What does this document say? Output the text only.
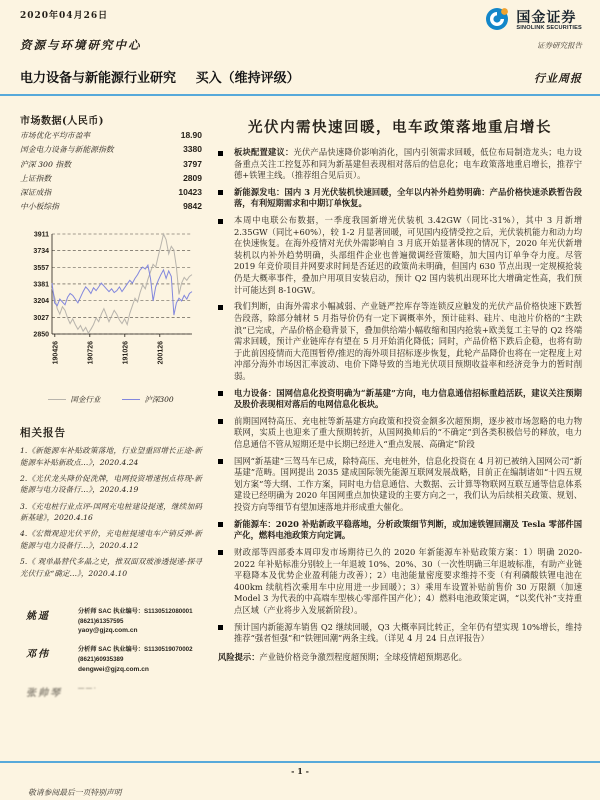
2020年04月26日
资源与环境研究中心
国金证券
SINOLINK SECURITIES
证券研究报告
电力设备与新能源行业研究 买入（维持评级）	行业周报
市场数据(人民币)
市场优化平均市盈率	18.90
国金电力设备与新能源指数	3380
沪深 300 指数	3797
上证指数	2809
深证成指	10423
中小板综指	9842
3911
3734
3557
3381
3204
3027
2850
190426	190726	191026	200126
国金行业	沪深300
相关报告
1.《新能源车补贴政策落地，行业望重回增长正途-新能源车补贴新政点…》，2020.4.24
2.《光伏龙头降价促洗牌，电网投资增速拐点将现-新能源与电力设备行…》，2020.4.19
3.《充电桩行业点评-国网充电桩建设提速，继续加码新基建》，2020.4.16
4.《宏微观迎光伏平价，充电桩提速电车产销反弹-新能源与电力设备行…》，2020.4.12
5.《 观单晶替代多晶之史，推双面双玻渗透提速-探寻光伏行业“确定…》，2020.4.10
姚遥	分析师 SAC 执业编号：S1130512080001
(8621)61357595
yaoy@gjzq.com.cn
邓伟	分析师 SAC 执业编号：S1130519070002
(8621)60935389
dengwei@gjzq.com.cn
张帅琴	— — ·
光伏内需快速回暖，电车政策落地重启增长

板块配置建议：光伏产品快速降价影响消化，国内引领需求回暖，低位布局制造龙头；电力设备重点关注工控复苏和同为新基建但表现相对落后的信息化；电车政策落地重启增长，推荐宁德+铁锂主线。（推荐组合见后页）。

新能源发电：国内 3 月光伏装机快速回暖，全年以内补外趋势明确：产品价格快速杀跌暂告段落，有利短期需求和中期订单恢复。

本周中电联公布数据，一季度我国新增光伏装机 3.42GW（同比-31%），其中 3 月新增 2.35GW（同比+60%），较 1-2 月显著回暖，可见国内疫情受控之后，光伏装机能力和动力均在快速恢复。在海外疫情对光伏外需影响自 3 月底开始显著体现的情况下，2020 年光伏新增装机以内补外趋势明确，头部组件企业也普遍微调经营策略，加大国内订单争夺力度。尽管 2019 年竞价项目并网要求时间是否延迟的政策尚未明确，但国内 630 节点出现一定规模抢装仍是大概率事件，叠加户用项目安装启动，预计 Q2 国内装机出现环比大增确定性高，我们预计可能达到 8-10GW。

我们判断，由海外需求小幅减弱、产业链严控库存等连锁反应触发的光伏产品价格快速下跌暂告段落，除部分辅材 5 月指导价仍有一定下调概率外，预计硅料、硅片、电池片价格的“主跌浪”已完成，产品价格企稳背景下，叠加供给端小幅收缩和国内抢装+欧美复工主导的 Q2 终端需求回暖，预计产业链库存有望在 5 月开始消化降低；同时，产品价格下跌后企稳，也将有助于此前因疫情而大范围暂停/推迟的海外项目招标逐步恢复，此轮产品降价也将在一定程度上对冲部分海外市场因汇率波动、电价下降导致的当地光伏项目预期收益率和经济竞争力的暂时削弱。

电力设备：国网信息化投资明确为“新基建”方向，电力信息通信招标重趋活跃，建议关注预期及股价表现相对落后的电网信息化板块。

前期国网特高压、充电桩等新基建方向政策和投资金额多次超预期，逐步被市场忽略的电力物联网，实质上也迎来了重大预期转折，从国网换帅后的“不确定”到各类积极信号的释放，电力信息通信不管从短期还是中长期已经进入“重点发展、高确定”阶段

国网“新基建”三驾马车已成，除特高压、充电桩外，信息化投资在 4 月初已被纳入国网公司“新基建”范畴。国网提出 2035 建成国际领先能源互联网发展战略，目前正在编制诸如“十四五规划方案”等大纲、工作方案，同时电力信息通信、大数据、云计算等物联网互联互通等信息体系建设已经明确为 2020 年国网重点加快建设的主要方向之一，我们认为后续相关政策、规划、投资方向等细节有望加速落地并形成重大催化。

新能源车：2020 补贴新政平稳落地，分析政策细节判断，或加速铁锂回潮及 Tesla 零部件国产化，燃料电池政策方向定调。

财政部等四部委本周印发市场期待已久的 2020 年新能源车补贴政策方案：1）明确 2020-2022 年补贴标准分别较上一年退坡 10%、20%、30（一次性明确三年退坡标准，有助产业链平稳降本及优势企业盈利能力改善）；2）电池能量密度要求维持不变（有利磷酸铁锂电池在 400km 续航档次乘用车中应用进一步回暖）；3）乘用车设置补贴前售价 30 万限额（加速 Model 3 为代表的中高端车型核心零部件国产化）；4）燃料电池政策定调，“以奖代补”支持重点区域（产业将步入发展新阶段）。

预计国内新能源车销售 Q2 继续回暖，Q3 大概率同比转正，全年仍有望实现 10%增长，维持推荐“强者恒强”和“铁锂回潮”两条主线。（详见 4 月 24 日点评报告）

风险提示：产业链价格竞争激烈程度超预期；全球疫情超预期恶化。

- 1 -
敬请参阅最后一页特别声明
